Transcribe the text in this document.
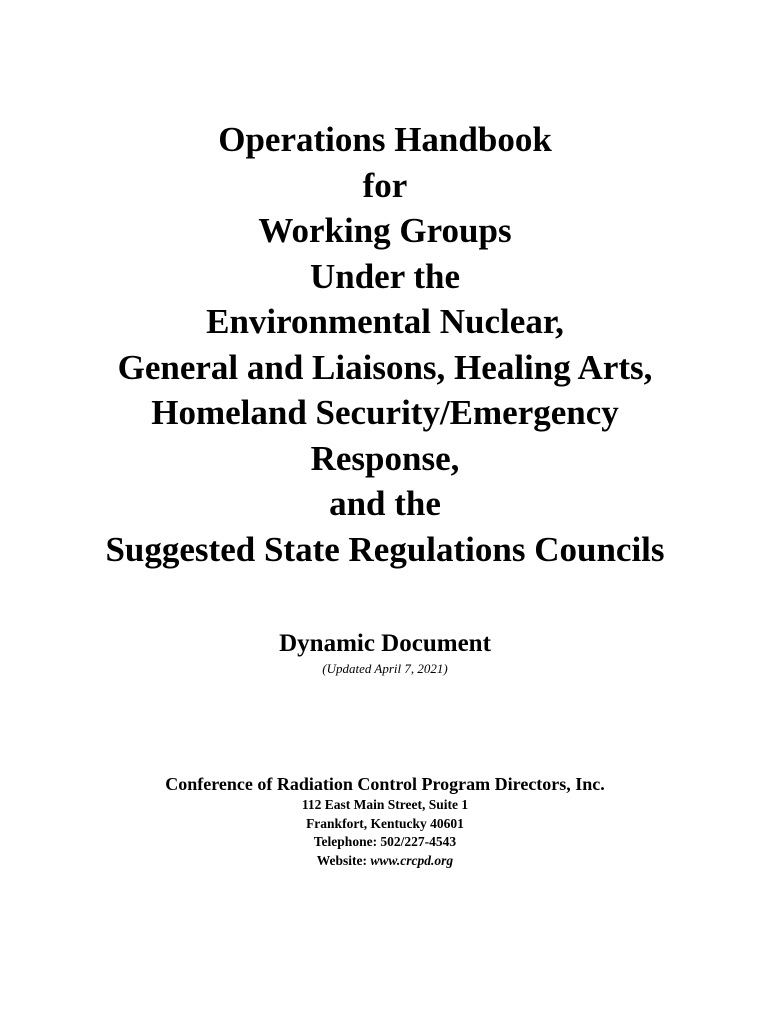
Operations Handbook
for
Working Groups
Under the
Environmental Nuclear,
General and Liaisons, Healing Arts,
Homeland Security/Emergency
Response,
and the
Suggested State Regulations Councils
Dynamic Document
(Updated April 7, 2021)
Conference of Radiation Control Program Directors, Inc.
112 East Main Street, Suite 1
Frankfort, Kentucky 40601
Telephone: 502/227-4543
Website: www.crcpd.org
